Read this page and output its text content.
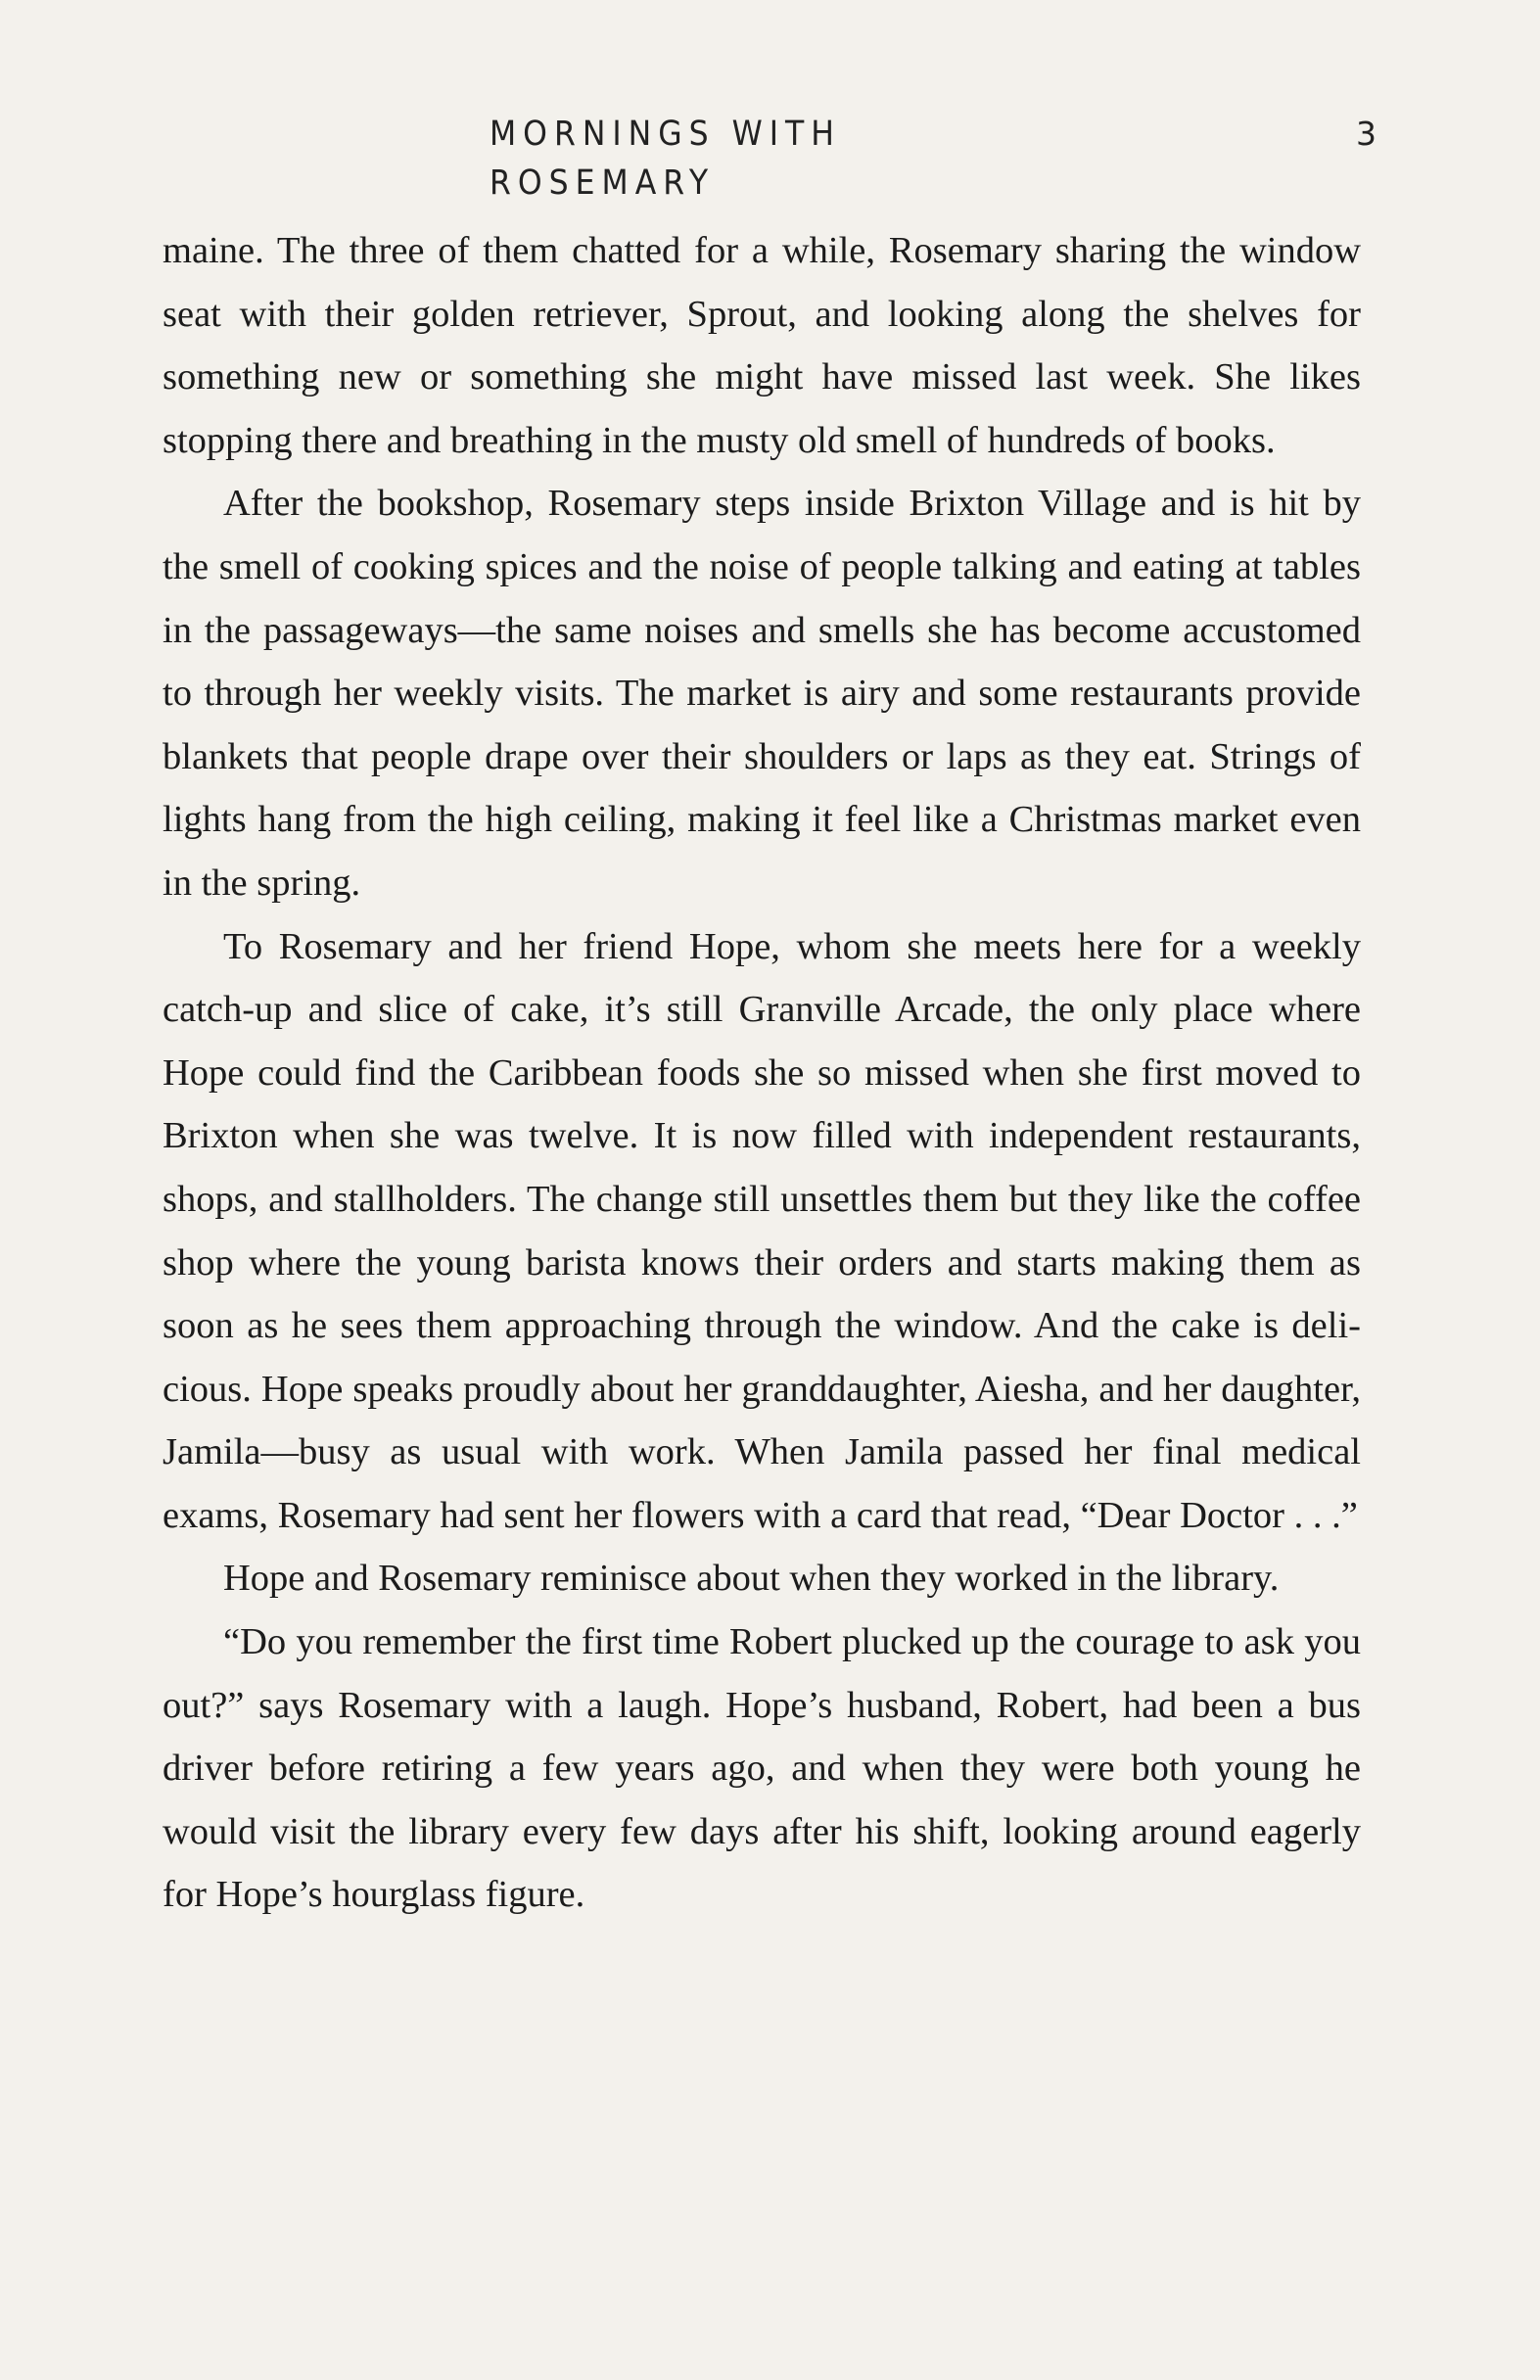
MORNINGS WITH ROSEMARY
3

maine. The three of them chatted for a while, Rosemary sharing the window seat with their golden retriever, Sprout, and looking along the shelves for something new or something she might have missed last week. She likes stopping there and breathing in the musty old smell of hundreds of books.

After the bookshop, Rosemary steps inside Brixton Village and is hit by the smell of cooking spices and the noise of people talking and eating at tables in the passageways—the same noises and smells she has become accustomed to through her weekly visits. The market is airy and some restaurants provide blankets that people drape over their shoulders or laps as they eat. Strings of lights hang from the high ceiling, making it feel like a Christmas market even in the spring.

To Rosemary and her friend Hope, whom she meets here for a weekly catch-up and slice of cake, it’s still Granville Arcade, the only place where Hope could find the Caribbean foods she so missed when she first moved to Brixton when she was twelve. It is now filled with independent restaurants, shops, and stallholders. The change still unsettles them but they like the coffee shop where the young barista knows their orders and starts making them as soon as he sees them approaching through the window. And the cake is delicious. Hope speaks proudly about her granddaughter, Aiesha, and her daughter, Jamila—busy as usual with work. When Jamila passed her final medical exams, Rosemary had sent her flowers with a card that read, “Dear Doctor . . .”

Hope and Rosemary reminisce about when they worked in the library.

“Do you remember the first time Robert plucked up the courage to ask you out?” says Rosemary with a laugh. Hope’s husband, Robert, had been a bus driver before retiring a few years ago, and when they were both young he would visit the library every few days after his shift, looking around eagerly for Hope’s hourglass figure.
